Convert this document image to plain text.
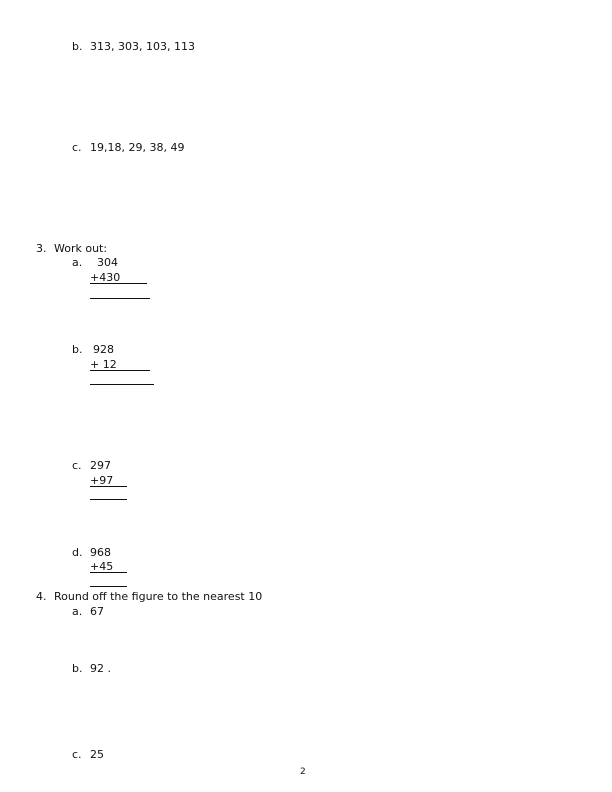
b. 313, 303, 103, 113
c. 19,18, 29, 38, 49
3. Work out:
a. 304
+430
b. 928
+ 12
c. 297
+97
d. 968
+45
4. Round off the figure to the nearest 10
a. 67
b. 92 .
c. 25
2
